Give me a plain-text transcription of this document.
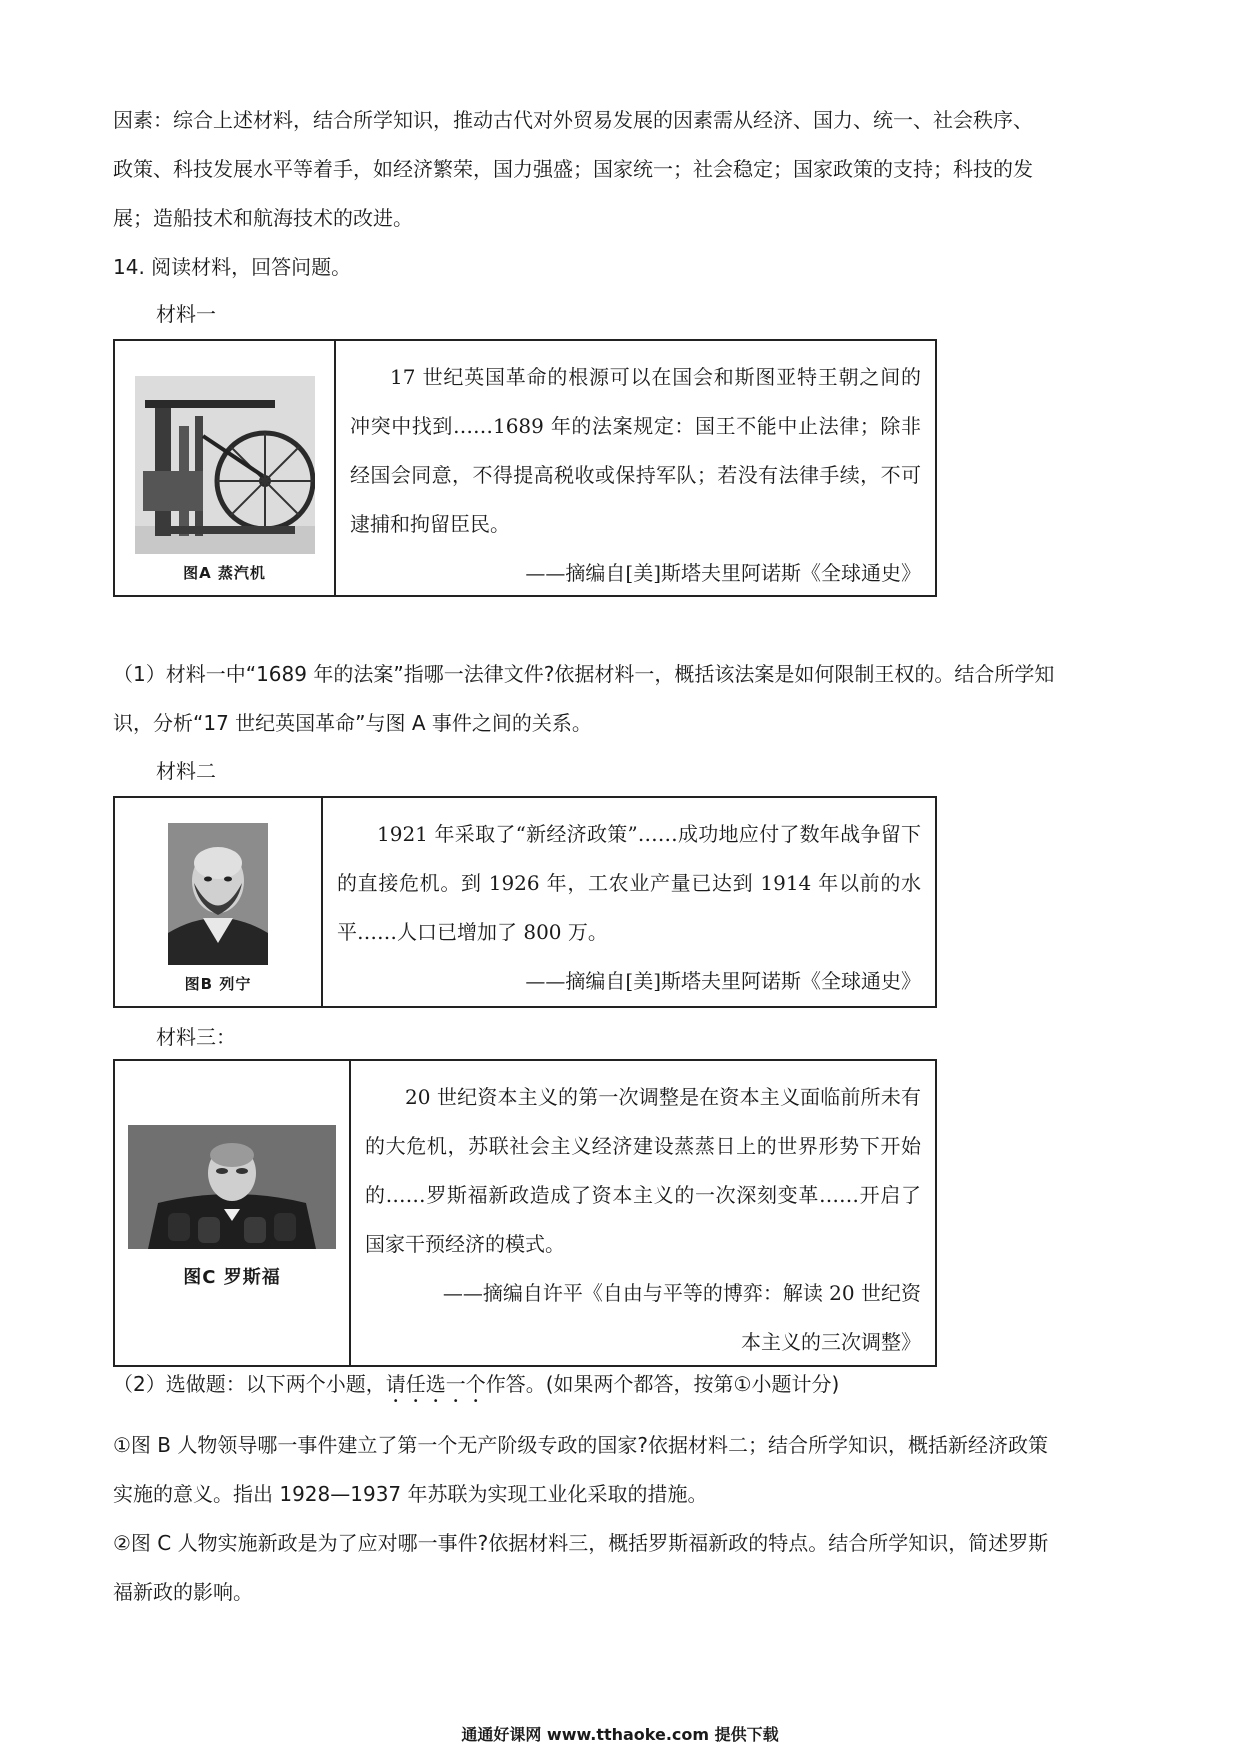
因素：综合上述材料，结合所学知识，推动古代对外贸易发展的因素需从经济、国力、统一、社会秩序、

政策、科技发展水平等着手，如经济繁荣，国力强盛；国家统一；社会稳定；国家政策的支持；科技的发

展；造船技术和航海技术的改进。

14. 阅读材料，回答问题。

材料一

图A 蒸汽机

17 世纪英国革命的根源可以在国会和斯图亚特王朝之间的冲突中找到……1689 年的法案规定：国王不能中止法律；除非经国会同意，不得提高税收或保持军队；若没有法律手续，不可逮捕和拘留臣民。

——摘编自[美]斯塔夫里阿诺斯《全球通史》

（1）材料一中“1689 年的法案”指哪一法律文件?依据材料一，概括该法案是如何限制王权的。结合所学知

识，分析“17 世纪英国革命”与图 A 事件之间的关系。

材料二

图B 列宁

1921 年采取了“新经济政策”……成功地应付了数年战争留下的直接危机。到 1926 年，工农业产量已达到 1914 年以前的水平……人口已增加了 800 万。

——摘编自[美]斯塔夫里阿诺斯《全球通史》

材料三：

图C 罗斯福

20 世纪资本主义的第一次调整是在资本主义面临前所未有的大危机，苏联社会主义经济建设蒸蒸日上的世界形势下开始的……罗斯福新政造成了资本主义的一次深刻变革……开启了国家干预经济的模式。

——摘编自许平《自由与平等的博弈：解读 20 世纪资

本主义的三次调整》

（2）选做题：以下两个小题，请任选一个作答。(如果两个都答，按第①小题计分)

①图 B 人物领导哪一事件建立了第一个无产阶级专政的国家?依据材料二；结合所学知识，概括新经济政策

实施的意义。指出 1928—1937 年苏联为实现工业化采取的措施。

②图 C 人物实施新政是为了应对哪一事件?依据材料三，概括罗斯福新政的特点。结合所学知识，简述罗斯

福新政的影响。

通通好课网 www.tthaoke.com 提供下载
